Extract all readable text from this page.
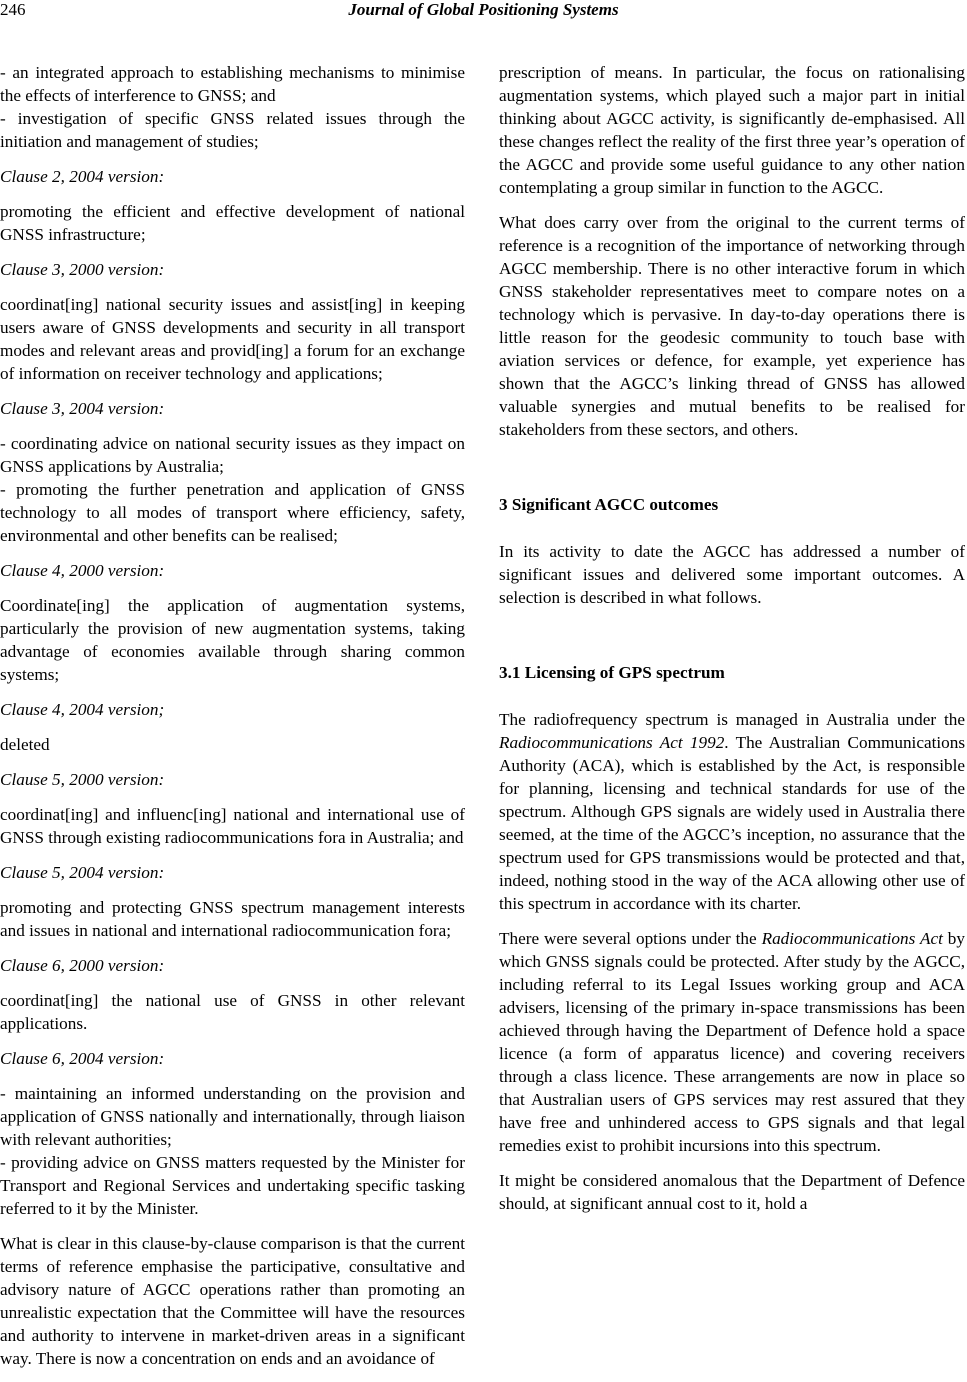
246	Journal of Global Positioning Systems

- an integrated approach to establishing mechanisms to minimise the effects of interference to GNSS; and

- investigation of specific GNSS related issues through the initiation and management of studies;

Clause 2, 2004 version:

promoting the efficient and effective development of national GNSS infrastructure;

Clause 3, 2000 version:

coordinat[ing] national security issues and assist[ing] in keeping users aware of GNSS developments and security in all transport modes and relevant areas and provid[ing] a forum for an exchange of information on receiver technology and applications;

Clause 3, 2004 version:

- coordinating advice on national security issues as they impact on GNSS applications by Australia;

- promoting the further penetration and application of GNSS technology to all modes of transport where efficiency, safety, environmental and other benefits can be realised;

Clause 4, 2000 version:

Coordinate[ing] the application of augmentation systems, particularly the provision of new augmentation systems, taking advantage of economies available through sharing common systems;

Clause 4, 2004 version;

deleted

Clause 5, 2000 version:

coordinat[ing] and influenc[ing] national and international use of GNSS through existing radiocommunications fora in Australia; and

Clause 5, 2004 version:

promoting and protecting GNSS spectrum management interests and issues in national and international radiocommunication fora;

Clause 6, 2000 version:

coordinat[ing] the national use of GNSS in other relevant applications.

Clause 6, 2004 version:

- maintaining an informed understanding on the provision and application of GNSS nationally and internationally, through liaison with relevant authorities;

- providing advice on GNSS matters requested by the Minister for Transport and Regional Services and undertaking specific tasking referred to it by the Minister.

What is clear in this clause-by-clause comparison is that the current terms of reference emphasise the participative, consultative and advisory nature of AGCC operations rather than promoting an unrealistic expectation that the Committee will have the resources and authority to intervene in market-driven areas in a significant way. There is now a concentration on ends and an avoidance of

prescription of means. In particular, the focus on rationalising augmentation systems, which played such a major part in initial thinking about AGCC activity, is significantly de-emphasised. All these changes reflect the reality of the first three year’s operation of the AGCC and provide some useful guidance to any other nation contemplating a group similar in function to the AGCC.

What does carry over from the original to the current terms of reference is a recognition of the importance of networking through AGCC membership. There is no other interactive forum in which GNSS stakeholder representatives meet to compare notes on a technology which is pervasive. In day-to-day operations there is little reason for the geodesic community to touch base with aviation services or defence, for example, yet experience has shown that the AGCC’s linking thread of GNSS has allowed valuable synergies and mutual benefits to be realised for stakeholders from these sectors, and others.

3 Significant AGCC outcomes

In its activity to date the AGCC has addressed a number of significant issues and delivered some important outcomes. A selection is described in what follows.

3.1 Licensing of GPS spectrum

The radiofrequency spectrum is managed in Australia under the Radiocommunications Act 1992. The Australian Communications Authority (ACA), which is established by the Act, is responsible for planning, licensing and technical standards for use of the spectrum. Although GPS signals are widely used in Australia there seemed, at the time of the AGCC’s inception, no assurance that the spectrum used for GPS transmissions would be protected and that, indeed, nothing stood in the way of the ACA allowing other use of this spectrum in accordance with its charter.

There were several options under the Radiocommunications Act by which GNSS signals could be protected. After study by the AGCC, including referral to its Legal Issues working group and ACA advisers, licensing of the primary in-space transmissions has been achieved through having the Department of Defence hold a space licence (a form of apparatus licence) and covering receivers through a class licence. These arrangements are now in place so that Australian users of GPS services may rest assured that they have free and unhindered access to GPS signals and that legal remedies exist to prohibit incursions into this spectrum.

It might be considered anomalous that the Department of Defence should, at significant annual cost to it, hold a
